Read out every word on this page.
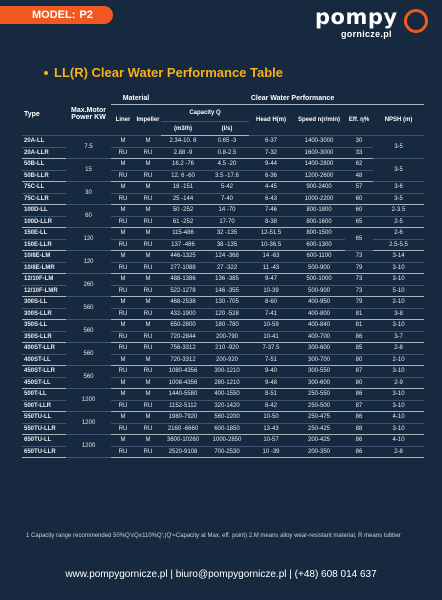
MODEL: P2	pompy
gornicze.pl
LL(R) Clear Water Performance Table
Type	Max.Motor Power KW	Material		Clear Water Performance					
		Liner	Impeller	Capacity Q		Head H(m)	Speed n(r/min)	Eff. η%	NPSH (m)
				(m3/h)	(l/s)				
20A-LL	7.5	M	M	2.34-10. 8	0.65 -3	6-37	1400-3000	30	3-5
20A-LLR		RU	RU	2.88 -9	0.8-2.5	7-32	1600-3000	33	
50B-LL	15	M	M	16.2 -76	4.5 -20	9-44	1400-2800	62	3-5
50B-LLR		RU	RU	12. 6 -60	3.5 -17.6	6-36	1200-2600	48	
75C-LL	30	M	M	18 -151	5-42	4-45	900-2400	57	3-6
75C-LLR		RU	RU	25 -144	7-40	6-43	1000-2200	60	3-5
100D-LL	60	M	M	50 -252	14 -70	7-46	800-1800	60	2-3.5
100D-LLR		RU	RU	61 -252	17-70	8-38	800-1600	65	2-5
150E-LL	120	M	M	115-486	32 -135	12-51.5	800-1500	65	2-6
150E-LLR		RU	RU	137 -486	38 -135	10-36.5	600-1300		2.5-5.5
10/8E-LM	120	M	M	446-1325	124 -368	14 -63	600-1100	73	3-14
10/8E-LMR		RU	RU	277-1088	27 -322	11 -43	500-900	79	3-10
12/10F-LM	260	M	M	488-1386	136 -385	9-47	500-1000	73	3-10
12/10F-LMR		RU	RU	522-1278	146 -355	10-39	500-900	73	5-10
300S-LL	560	M	M	468-2538	130 -705	8-60	400-950	79	2-10
300S-LLR		RU	RU	432-1900	120 -528	7-41	400-800	81	3-8
350S-LL	560	M	M	650-2800	180 -780	10-59	400-840	81	3-10
350S-LLR		RU	RU	720-2844	200-790	10-41	400-700	86	3-7
400ST-LLR	560	RU	RU	756-3312	210 -920	7-37.5	300-600	85	2-8
400ST-LL		M	M	720-3312	200-920	7-51	300-700	80	2-10
450ST-LLR	560	RU	RU	1080-4356	300-1210	9-40	300-550	87	3-10
450ST-LL		M	M	1008-4356	280-1210	9-48	300-600	80	2-9
500T-LL	1200	M	M	1440-5580	400-1550	8-51	250-550	86	3-10
500T-LLR		RU	RU	1152-5112	320-1420	8-42	250-500	87	3-10
550TU-LL	1200	M	M	1980-7920	560-2200	10-50	250-475	86	4-10
550TU-LLR		RU	RU	2160 -6660	600-1850	13-43	250-425	88	3-10
650TU-LL	1200	M	M	3600-10260	1000-2850	10-57	200-425	86	4-10
650TU-LLR		RU	RU	2520-9108	700-2530	10 -39	200-350	86	2-8
1 Capacity range recommended 50%Q'≤Q≤110%Q',(Q'=Capacity at Max. eff. point) 2.M means alloy wear-resistant material, R means tubber
www.pompygornicze.pl | biuro@pompygornicze.pl | (+48) 608 014 637
